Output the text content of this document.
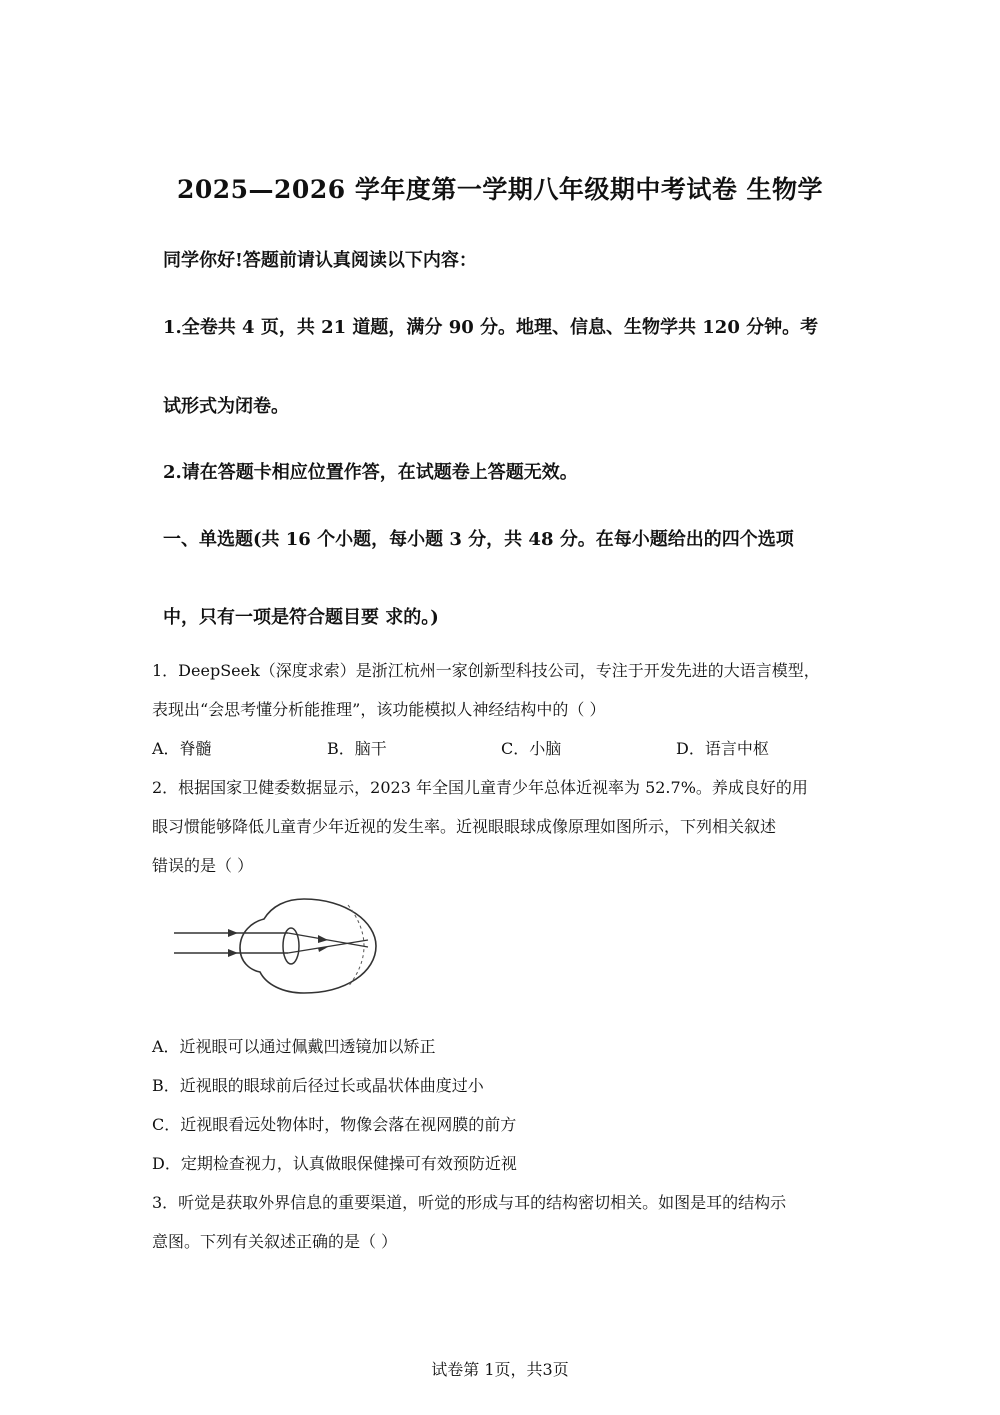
2025—2026 学年度第一学期八年级期中考试卷 生物学
同学你好!答题前请认真阅读以下内容：
1.全卷共 4 页，共 21 道题，满分 90 分。地理、信息、生物学共 120 分钟。考
试形式为闭卷。
2.请在答题卡相应位置作答，在试题卷上答题无效。
一、单选题(共 16 个小题，每小题 3 分，共 48 分。在每小题给出的四个选项
中，只有一项是符合题目要 求的。)
1．DeepSeek（深度求索）是浙江杭州一家创新型科技公司，专注于开发先进的大语言模型，
表现出“会思考懂分析能推理”，该功能模拟人神经结构中的（ ）
A．脊髓	B．脑干	C．小脑	D．语言中枢
2．根据国家卫健委数据显示，2023 年全国儿童青少年总体近视率为 52.7%。养成良好的用
眼习惯能够降低儿童青少年近视的发生率。近视眼眼球成像原理如图所示，下列相关叙述
错误的是（ ）
A．近视眼可以通过佩戴凹透镜加以矫正
B．近视眼的眼球前后径过长或晶状体曲度过小
C．近视眼看远处物体时，物像会落在视网膜的前方
D．定期检查视力，认真做眼保健操可有效预防近视
3．听觉是获取外界信息的重要渠道，听觉的形成与耳的结构密切相关。如图是耳的结构示
意图。下列有关叙述正确的是（ ）
试卷第 1页，共3页
